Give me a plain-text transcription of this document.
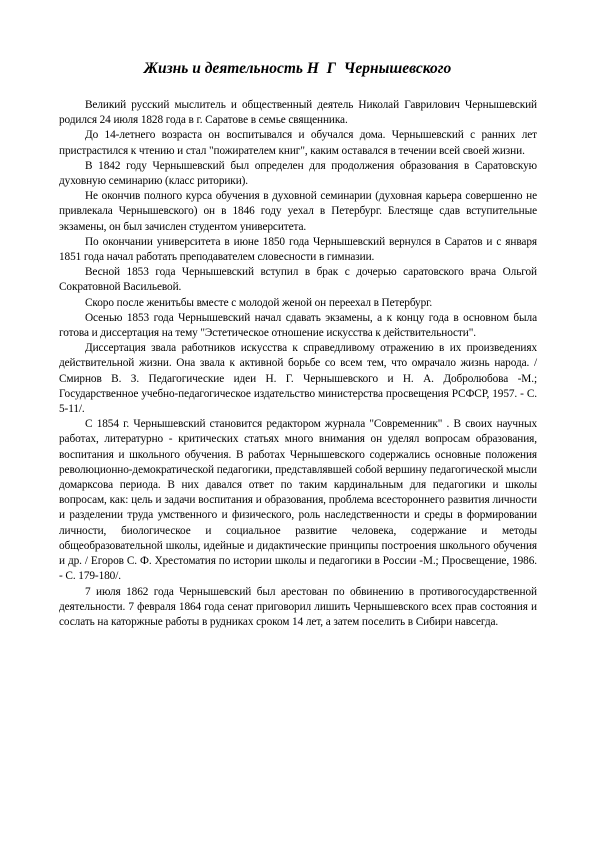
Жизнь и деятельность Н  Г  Чернышевского

Великий русский мыслитель и общественный деятель Николай Гаврилович Чернышевский родился 24 июля 1828 года в г. Саратове в семье священника.

До 14-летнего возраста он воспитывался и обучался дома. Чернышевский с ранних лет пристрастился к чтению и стал "пожирателем книг", каким оставался в течении всей своей жизни.

В 1842 году Чернышевский был определен для продолжения образования в Саратовскую духовную семинарию (класс риторики).

Не окончив полного курса обучения в духовной семинарии (духовная карьера совершенно не привлекала Чернышевского) он в 1846 году уехал в Петербург. Блестяще сдав вступительные экзамены, он был зачислен студентом университета.

По окончании университета в июне 1850 года Чернышевский вернулся в Саратов и с января 1851 года начал работать преподавателем словесности в гимназии.

Весной 1853 года Чернышевский вступил в брак с дочерью саратовского врача Ольгой Сократовной Васильевой.

Скоро после женитьбы вместе с молодой женой он переехал в Петербург.

Осенью 1853 года Чернышевский начал сдавать экзамены, а к концу года в основном была готова и диссертация на тему "Эстетическое отношение искусства к действительности".

Диссертация звала работников искусства к справедливому отражению в их произведениях действительной жизни. Она звала к активной борьбе со всем тем, что омрачало жизнь народа. / Смирнов В. З. Педагогические идеи Н. Г. Чернышевского и Н. А. Добролюбова -М.; Государственное учебно-педагогическое издательство министерства просвещения РСФСР, 1957. - С. 5-11/.

С 1854 г. Чернышевский становится редактором журнала "Современник" . В своих научных работах, литературно - критических статьях много внимания он уделял вопросам образования, воспитания и школьного обучения. В работах Чернышевского содержались основные положения революционно-демократической педагогики, представлявшей собой вершину педагогической мысли домарксова периода. В них давался ответ по таким кардинальным для педагогики и школы вопросам, как: цель и задачи воспитания и образования, проблема всестороннего развития личности и разделении труда умственного и физического, роль наследственности и среды в формировании личности, биологическое и социальное развитие человека, содержание и методы общеобразовательной школы, идейные и дидактические принципы построения школьного обучения и др. / Егоров С. Ф. Хрестоматия по истории школы и педагогики в России -М.; Просвещение, 1986. - С. 179-180/.

7 июля 1862 года Чернышевский был арестован по обвинению в противогосударственной деятельности. 7 февраля 1864 года сенат приговорил лишить Чернышевского всех прав состояния и сослать на каторжные работы в рудниках сроком 14 лет, а затем поселить в Сибири навсегда.
